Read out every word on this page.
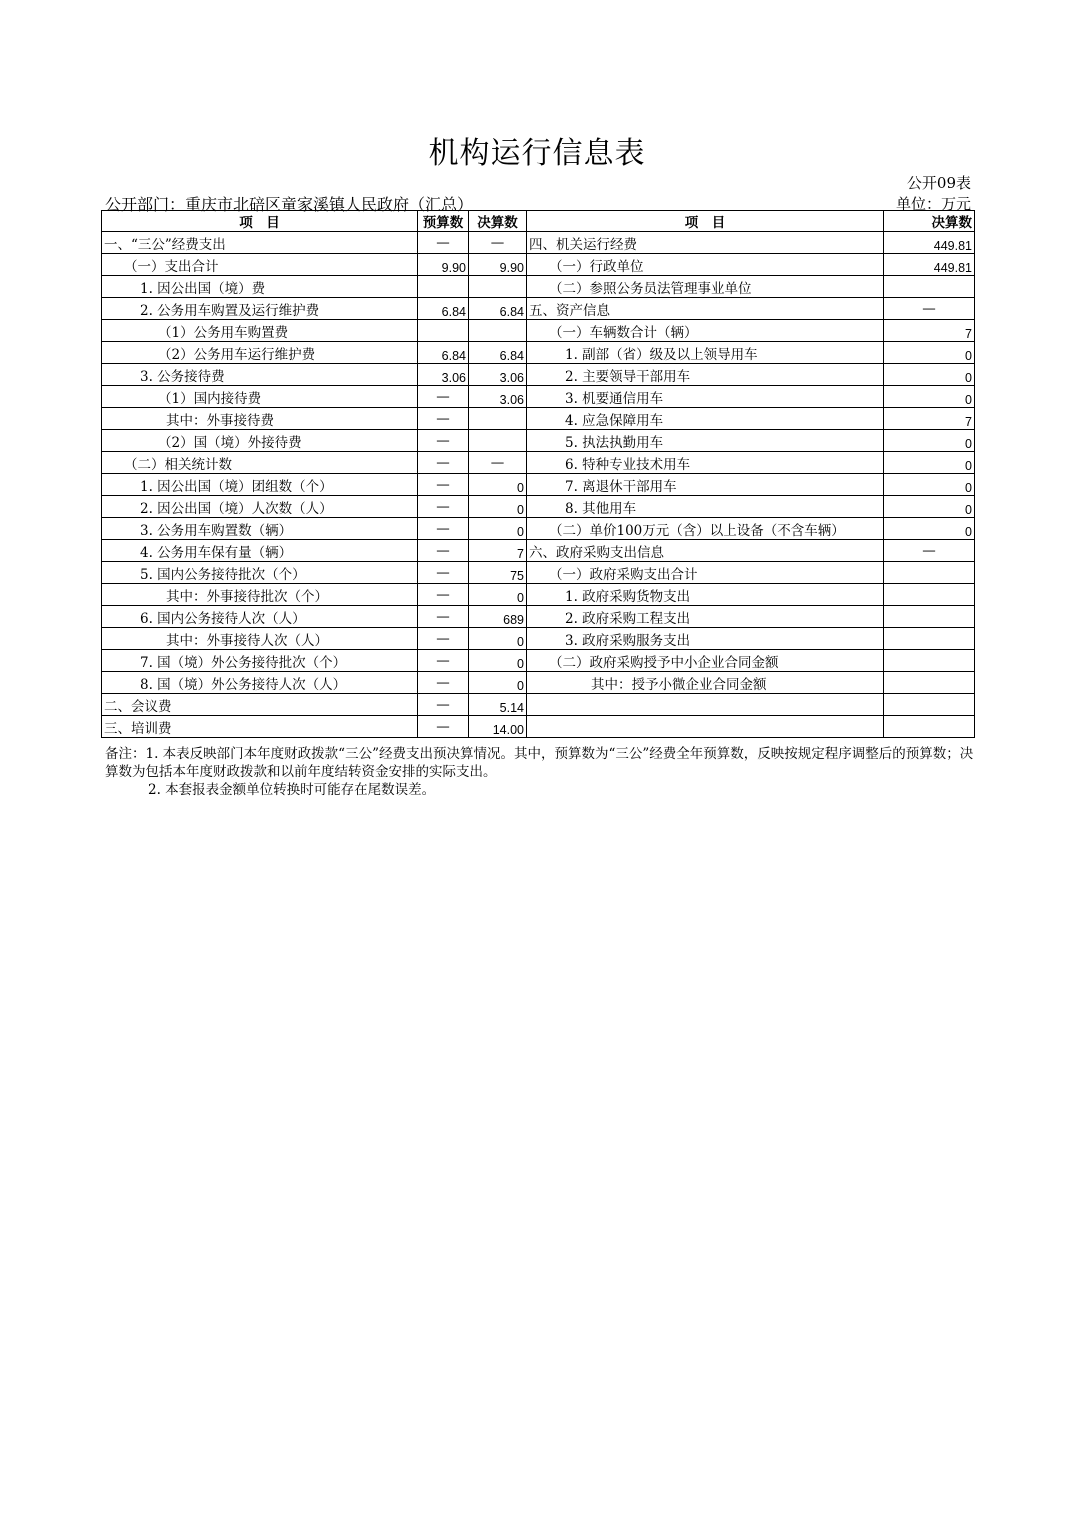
机构运行信息表
公开09表
公开部门：重庆市北碚区童家溪镇人民政府（汇总）	单位：万元
项　目	预算数	决算数	项　目	决算数
一、“三公”经费支出	—	—	四、机关运行经费	449.81
（一）支出合计	9.90	9.90	（一）行政单位	449.81
1. 因公出国（境）费			（二）参照公务员法管理事业单位	
2. 公务用车购置及运行维护费	6.84	6.84	五、资产信息	—
（1）公务用车购置费			（一）车辆数合计（辆）	7
（2）公务用车运行维护费	6.84	6.84	1. 副部（省）级及以上领导用车	0
3. 公务接待费	3.06	3.06	2. 主要领导干部用车	0
（1）国内接待费	—	3.06	3. 机要通信用车	0
其中：外事接待费	—		4. 应急保障用车	7
（2）国（境）外接待费	—		5. 执法执勤用车	0
（二）相关统计数	—	—	6. 特种专业技术用车	0
1. 因公出国（境）团组数（个）	—	0	7. 离退休干部用车	0
2. 因公出国（境）人次数（人）	—	0	8. 其他用车	0
3. 公务用车购置数（辆）	—	0	（二）单价100万元（含）以上设备（不含车辆）	0
4. 公务用车保有量（辆）	—	7	六、政府采购支出信息	—
5. 国内公务接待批次（个）	—	75	（一）政府采购支出合计	
其中：外事接待批次（个）	—	0	1. 政府采购货物支出	
6. 国内公务接待人次（人）	—	689	2. 政府采购工程支出	
其中：外事接待人次（人）	—	0	3. 政府采购服务支出	
7. 国（境）外公务接待批次（个）	—	0	（二）政府采购授予中小企业合同金额	
8. 国（境）外公务接待人次（人）	—	0	其中：授予小微企业合同金额	
二、会议费	—	5.14		
三、培训费	—	14.00		

备注：1. 本表反映部门本年度财政拨款“三公”经费支出预决算情况。其中，预算数为“三公”经费全年预算数，反映按规定程序调整后的预算数；决算数为包括本年度财政拨款和以前年度结转资金安排的实际支出。

2. 本套报表金额单位转换时可能存在尾数误差。
